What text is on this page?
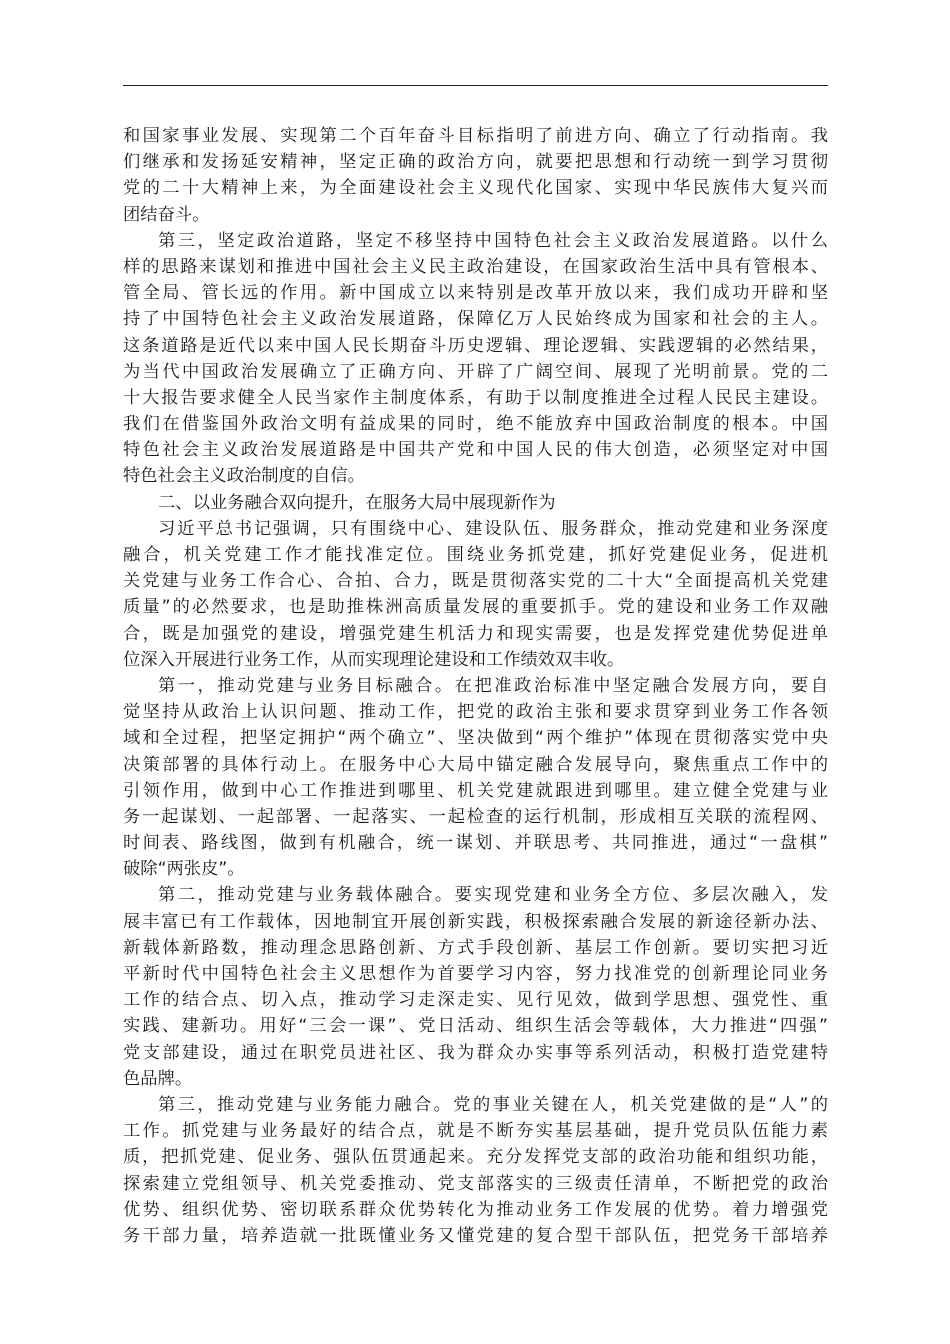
和国家事业发展、实现第二个百年奋斗目标指明了前进方向、确立了行动指南。我
们继承和发扬延安精神，坚定正确的政治方向，就要把思想和行动统一到学习贯彻
党的二十大精神上来，为全面建设社会主义现代化国家、实现中华民族伟大复兴而
团结奋斗。
第三，坚定政治道路，坚定不移坚持中国特色社会主义政治发展道路。以什么
样的思路来谋划和推进中国社会主义民主政治建设，在国家政治生活中具有管根本、
管全局、管长远的作用。新中国成立以来特别是改革开放以来，我们成功开辟和坚
持了中国特色社会主义政治发展道路，保障亿万人民始终成为国家和社会的主人。
这条道路是近代以来中国人民长期奋斗历史逻辑、理论逻辑、实践逻辑的必然结果，
为当代中国政治发展确立了正确方向、开辟了广阔空间、展现了光明前景。党的二
十大报告要求健全人民当家作主制度体系，有助于以制度推进全过程人民民主建设。
我们在借鉴国外政治文明有益成果的同时，绝不能放弃中国政治制度的根本。中国
特色社会主义政治发展道路是中国共产党和中国人民的伟大创造，必须坚定对中国
特色社会主义政治制度的自信。
二、以业务融合双向提升，在服务大局中展现新作为
习近平总书记强调，只有围绕中心、建设队伍、服务群众，推动党建和业务深度
融合，机关党建工作才能找准定位。围绕业务抓党建，抓好党建促业务，促进机
关党建与业务工作合心、合拍、合力，既是贯彻落实党的二十大“全面提高机关党建
质量”的必然要求，也是助推株洲高质量发展的重要抓手。党的建设和业务工作双融
合，既是加强党的建设，增强党建生机活力和现实需要，也是发挥党建优势促进单
位深入开展进行业务工作，从而实现理论建设和工作绩效双丰收。
第一，推动党建与业务目标融合。在把准政治标准中坚定融合发展方向，要自
觉坚持从政治上认识问题、推动工作，把党的政治主张和要求贯穿到业务工作各领
域和全过程，把坚定拥护“两个确立”、坚决做到“两个维护”体现在贯彻落实党中央
决策部署的具体行动上。在服务中心大局中锚定融合发展导向，聚焦重点工作中的
引领作用，做到中心工作推进到哪里、机关党建就跟进到哪里。建立健全党建与业
务一起谋划、一起部署、一起落实、一起检查的运行机制，形成相互关联的流程网、
时间表、路线图，做到有机融合，统一谋划、并联思考、共同推进，通过“一盘棋”
破除“两张皮”。
第二，推动党建与业务载体融合。要实现党建和业务全方位、多层次融入，发
展丰富已有工作载体，因地制宜开展创新实践，积极探索融合发展的新途径新办法、
新载体新路数，推动理念思路创新、方式手段创新、基层工作创新。要切实把习近
平新时代中国特色社会主义思想作为首要学习内容，努力找准党的创新理论同业务
工作的结合点、切入点，推动学习走深走实、见行见效，做到学思想、强党性、重
实践、建新功。用好“三会一课”、党日活动、组织生活会等载体，大力推进“四强”
党支部建设，通过在职党员进社区、我为群众办实事等系列活动，积极打造党建特
色品牌。
第三，推动党建与业务能力融合。党的事业关键在人，机关党建做的是“人”的
工作。抓党建与业务最好的结合点，就是不断夯实基层基础，提升党员队伍能力素
质，把抓党建、促业务、强队伍贯通起来。充分发挥党支部的政治功能和组织功能，
探索建立党组领导、机关党委推动、党支部落实的三级责任清单，不断把党的政治
优势、组织优势、密切联系群众优势转化为推动业务工作发展的优势。着力增强党
务干部力量，培养造就一批既懂业务又懂党建的复合型干部队伍，把党务干部培养
